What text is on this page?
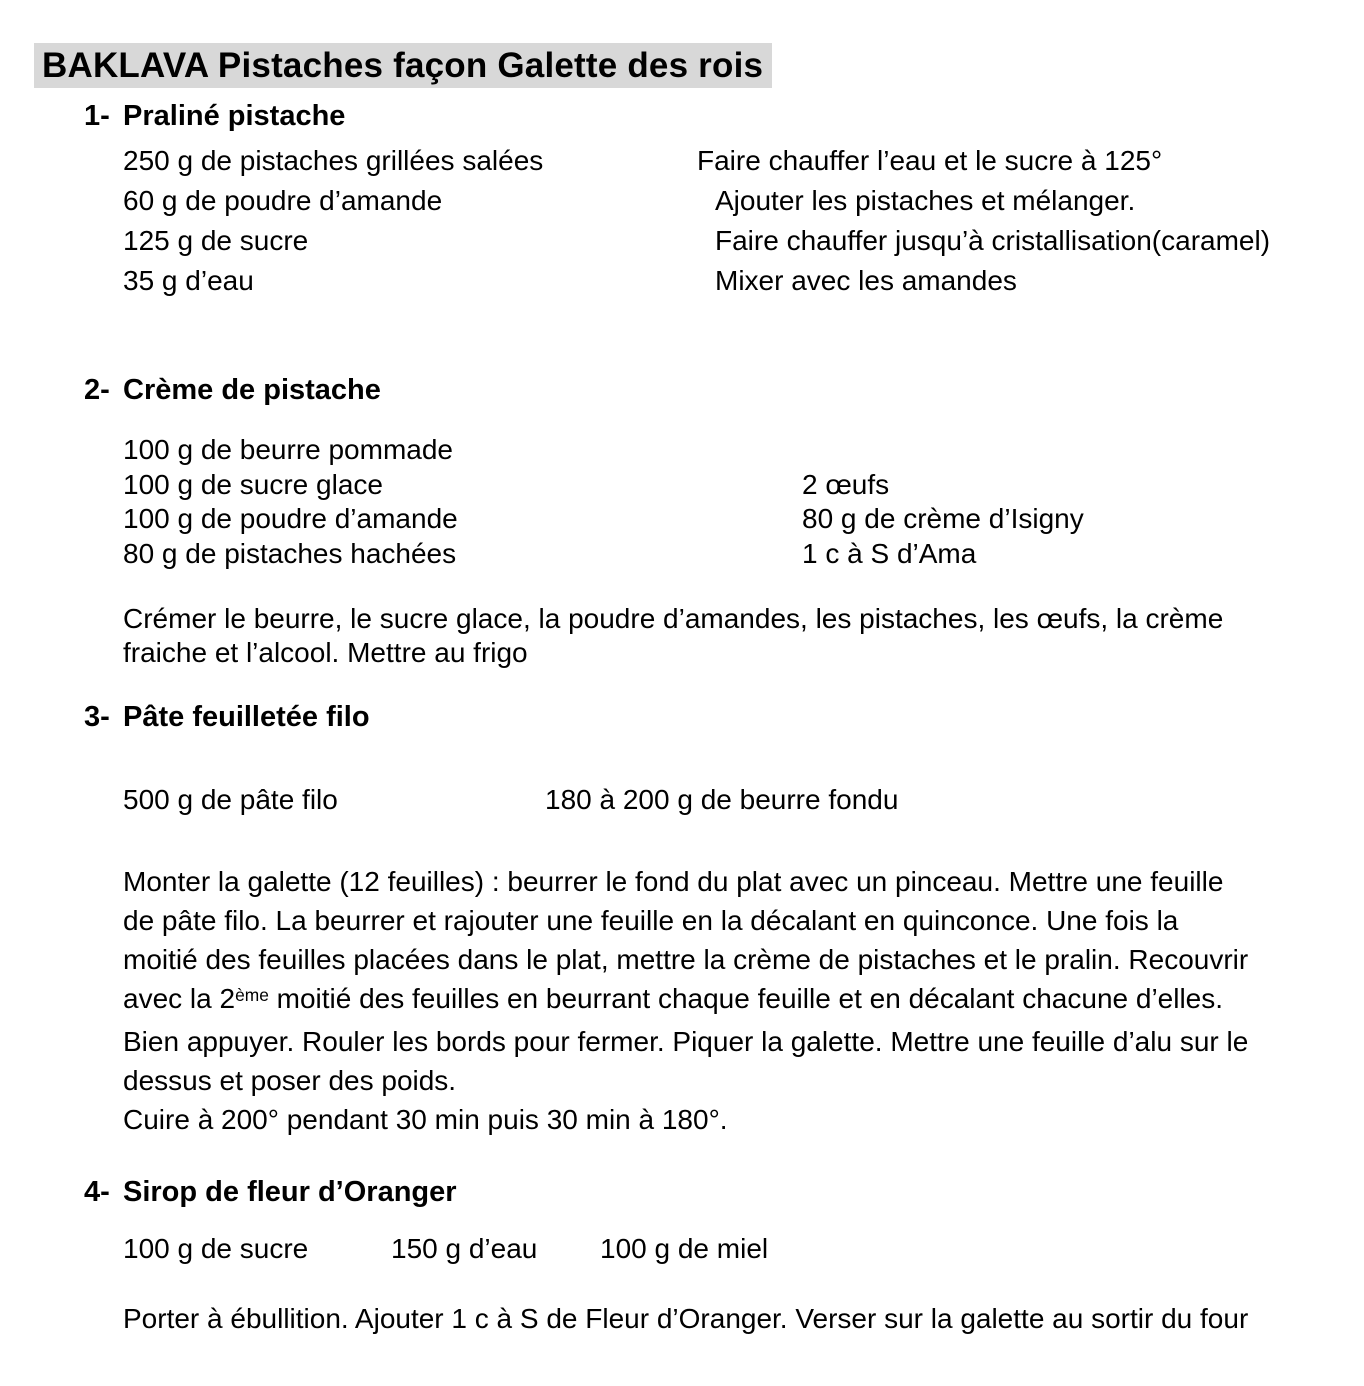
BAKLAVA Pistaches façon Galette des rois
1- Praliné pistache
250 g de pistaches grillées salées	Faire chauffer l’eau et le sucre à 125°
60 g de poudre d’amande	Ajouter les pistaches et mélanger.
125 g de sucre	Faire chauffer jusqu’à cristallisation(caramel)
35 g d’eau	Mixer avec les amandes
2- Crème de pistache
100 g de beurre pommade
100 g de sucre glace	2 œufs
100 g de poudre d’amande	80 g de crème d’Isigny
80 g de pistaches hachées	1 c à S d’Ama
Crémer le beurre, le sucre glace, la poudre d’amandes, les pistaches, les œufs, la crème
fraiche et l’alcool. Mettre au frigo
3- Pâte feuilletée filo
500 g de pâte filo	180 à 200 g de beurre fondu
Monter la galette (12 feuilles) : beurrer le fond du plat avec un pinceau. Mettre une feuille
de pâte filo. La beurrer et rajouter une feuille en la décalant en quinconce. Une fois la
moitié des feuilles placées dans le plat, mettre la crème de pistaches et le pralin. Recouvrir
avec la 2ème moitié des feuilles en beurrant chaque feuille et en décalant chacune d’elles.
Bien appuyer. Rouler les bords pour fermer. Piquer la galette. Mettre une feuille d’alu sur le
dessus et poser des poids.
Cuire à 200° pendant 30 min puis 30 min à 180°.
4- Sirop de fleur d’Oranger
100 g de sucre	150 g d’eau 100 g de miel
Porter à ébullition. Ajouter 1 c à S de Fleur d’Oranger. Verser sur la galette au sortir du four
